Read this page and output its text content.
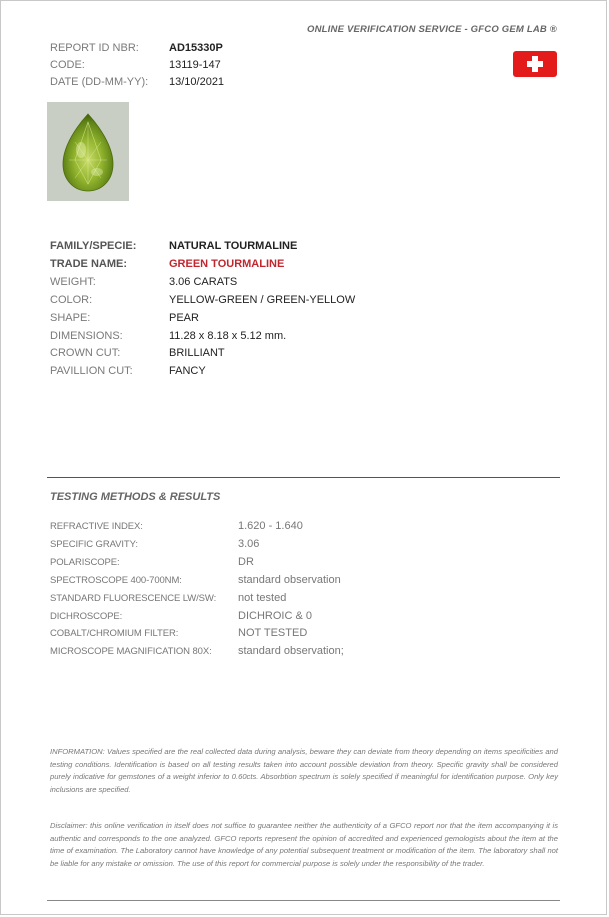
ONLINE VERIFICATION SERVICE - GFCO GEM LAB ®
REPORT ID NBR:	AD15330P
CODE:	13119-147
DATE (DD-MM-YY):	13/10/2021
FAMILY/SPECIE:	NATURAL TOURMALINE
TRADE NAME:	GREEN TOURMALINE
WEIGHT:	3.06 CARATS
COLOR:	YELLOW-GREEN / GREEN-YELLOW
SHAPE:	PEAR
DIMENSIONS:	11.28 x 8.18 x 5.12 mm.
CROWN CUT:	BRILLIANT
PAVILLION CUT:	FANCY
TESTING METHODS & RESULTS
REFRACTIVE INDEX:	1.620 - 1.640
SPECIFIC GRAVITY:	3.06
POLARISCOPE:	DR
SPECTROSCOPE 400-700NM:	standard observation
STANDARD FLUORESCENCE LW/SW:	not tested
DICHROSCOPE:	DICHROIC & 0
COBALT/CHROMIUM FILTER:	NOT TESTED
MICROSCOPE MAGNIFICATION 80X:	standard observation;
INFORMATION: Values specified are the real collected data during analysis, beware they can deviate from theory depending on items specificities and testing conditions. Identification is based on all testing results taken into account possible deviation from theory. Specific gravity shall be considered purely indicative for gemstones of a weight inferior to 0.60cts. Absorbtion spectrum is solely specified if meaningful for identification purpose. Only key inclusions are specified.
Disclaimer: this online verification in itself does not suffice to guarantee neither the authenticity of a GFCO report nor that the item accompanying it is authentic and corresponds to the one analyzed. GFCO reports represent the opinion of accredited and experienced gemologists about the item at the time of examination. The Laboratory cannot have knowledge of any potential subsequent treatment or modification of the item. The laboratory shall not be liable for any mistake or omission. The use of this report for commercial purpose is solely under the responsibility of the trader.
